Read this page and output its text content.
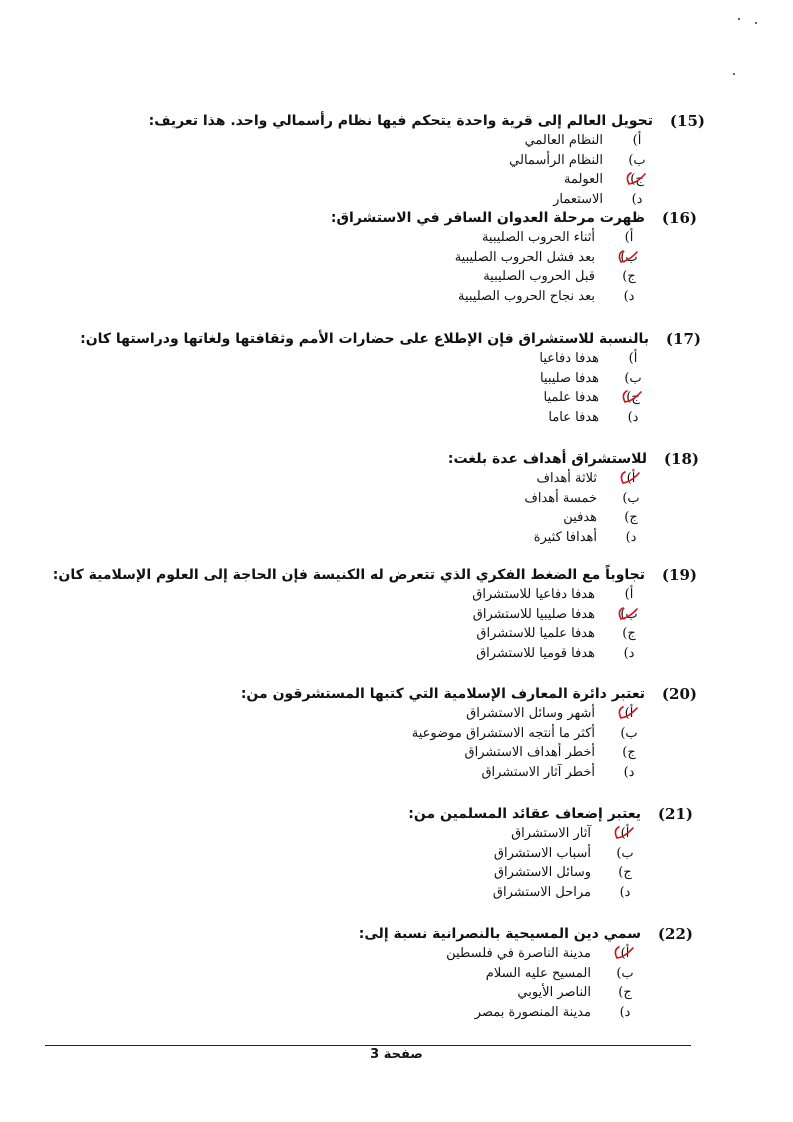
(15)
تحويل العالم إلى قرية واحدة يتحكم فيها نظام رأسمالي واحد. هذا تعريف:
أ)
النظام العالمي
ب)
النظام الرأسمالي
ج)
العولمة
د)
الاستعمار
(16)
ظهرت مرحلة العدوان السافر في الاستشراق:
أ)
أثناء الحروب الصليبية
ب)
بعد فشل الحروب الصليبية
ج)
قبل الحروب الصليبية
د)
بعد نجاح الحروب الصليبية
(17)
بالنسبة للاستشراق فإن الإطلاع على حضارات الأمم وثقافتها ولغاتها ودراستها كان:
أ)
هدفا دفاعيا
ب)
هدفا صليبيا
ج)
هدفا علميا
د)
هدفا عاما
(18)
للاستشراق أهداف عدة بلغت:
أ)
ثلاثة أهداف
ب)
خمسة أهداف
ج)
هدفين
د)
أهدافا كثيرة
(19)
تجاوباً مع الضغط الفكري الذي تتعرض له الكنيسة فإن الحاجة إلى العلوم الإسلامية كان:
أ)
هدفا دفاعيا للاستشراق
ب)
هدفا صليبيا للاستشراق
ج)
هدفا علميا للاستشراق
د)
هدفا قوميا للاستشراق
(20)
تعتبر دائرة المعارف الإسلامية التي كتبها المستشرقون من:
أ)
أشهر وسائل الاستشراق
ب)
أكثر ما أنتجه الاستشراق موضوعية
ج)
أخطر أهداف الاستشراق
د)
أخطر آثار الاستشراق
(21)
يعتبر إضعاف عقائد المسلمين من:
أ)
آثار الاستشراق
ب)
أسباب الاستشراق
ج)
وسائل الاستشراق
د)
مراحل الاستشراق
(22)
سمي دين المسيحية بالنصرانية نسبة إلى:
أ)
مدينة الناصرة في فلسطين
ب)
المسيح عليه السلام
ج)
الناصر الأيوبي
د)
مدينة المنصورة بمصر
صفحة 3
